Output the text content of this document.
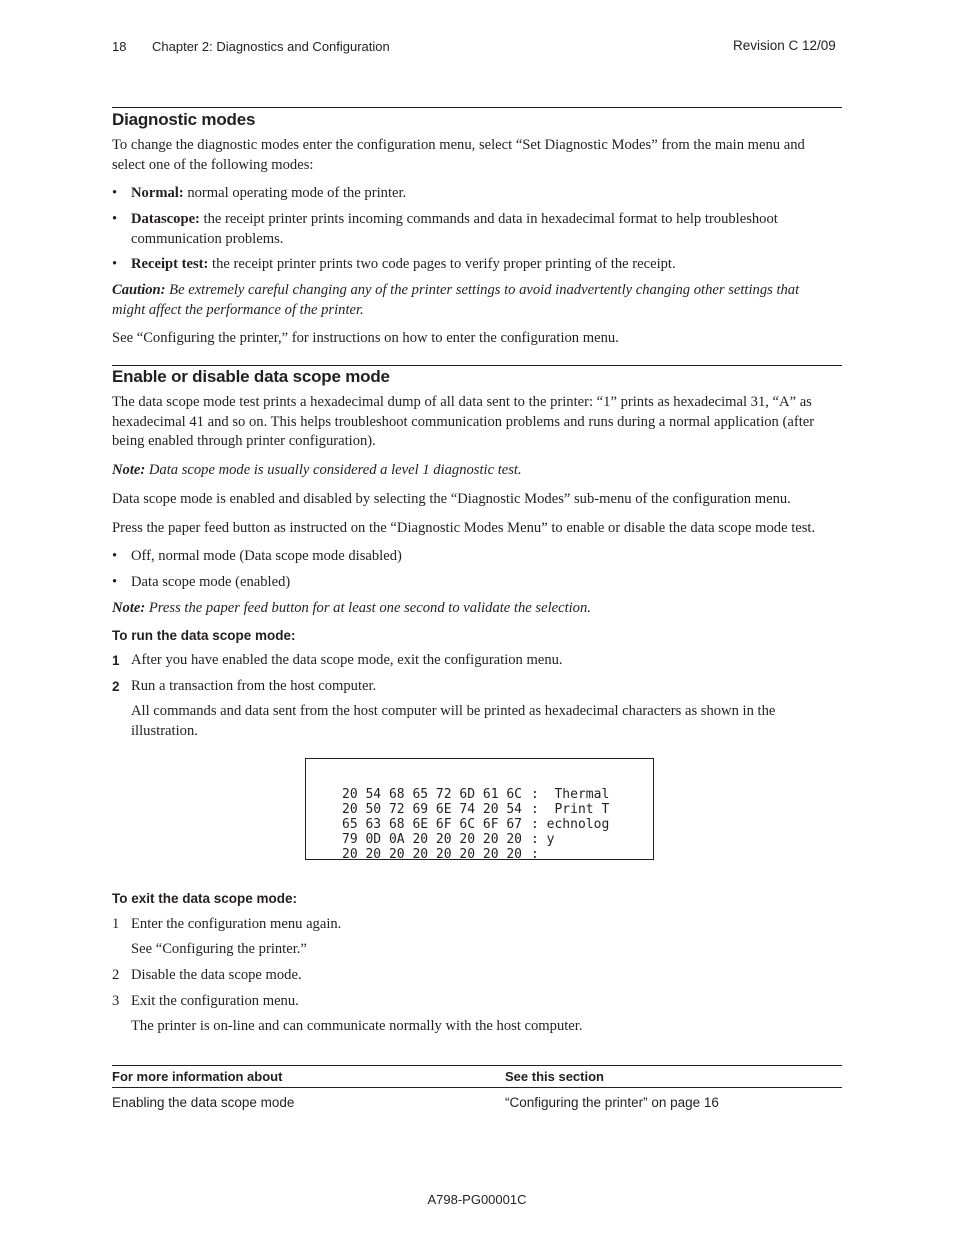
18 Chapter 2: Diagnostics and Configuration	Revision C 12/09
Diagnostic modes
To change the diagnostic modes enter the configuration menu, select “Set Diagnostic Modes” from the main menu and select one of the following modes:
• Normal: normal operating mode of the printer.
• Datascope: the receipt printer prints incoming commands and data in hexadecimal format to help troubleshoot communication problems.
• Receipt test: the receipt printer prints two code pages to verify proper printing of the receipt.
Caution: Be extremely careful changing any of the printer settings to avoid inadvertently changing other settings that might affect the performance of the printer.
See “Configuring the printer,” for instructions on how to enter the configuration menu.
Enable or disable data scope mode
The data scope mode test prints a hexadecimal dump of all data sent to the printer: “1” prints as hexadecimal 31, “A” as hexadecimal 41 and so on. This helps troubleshoot communication problems and runs during a normal application (after being enabled through printer configuration).
Note: Data scope mode is usually considered a level 1 diagnostic test.
Data scope mode is enabled and disabled by selecting the “Diagnostic Modes” sub-menu of the configuration menu.
Press the paper feed button as instructed on the “Diagnostic Modes Menu” to enable or disable the data scope mode test.
• Off, normal mode (Data scope mode disabled)
• Data scope mode (enabled)
Note: Press the paper feed button for at least one second to validate the selection.
To run the data scope mode:
1 After you have enabled the data scope mode, exit the configuration menu.
2 Run a transaction from the host computer.
All commands and data sent from the host computer will be printed as hexadecimal characters as shown in the illustration.
20 54 68 65 72 6D 61 6C :  Thermal
20 50 72 69 6E 74 20 54 :  Print T
65 63 68 6E 6F 6C 6F 67 : echnolog
79 0D 0A 20 20 20 20 20 : y
20 20 20 20 20 20 20 20 :
To exit the data scope mode:
1 Enter the configuration menu again.
See “Configuring the printer.”
2 Disable the data scope mode.
3 Exit the configuration menu.
The printer is on-line and can communicate normally with the host computer.
For more information about	See this section
Enabling the data scope mode	“Configuring the printer” on page 16
A798-PG00001C
